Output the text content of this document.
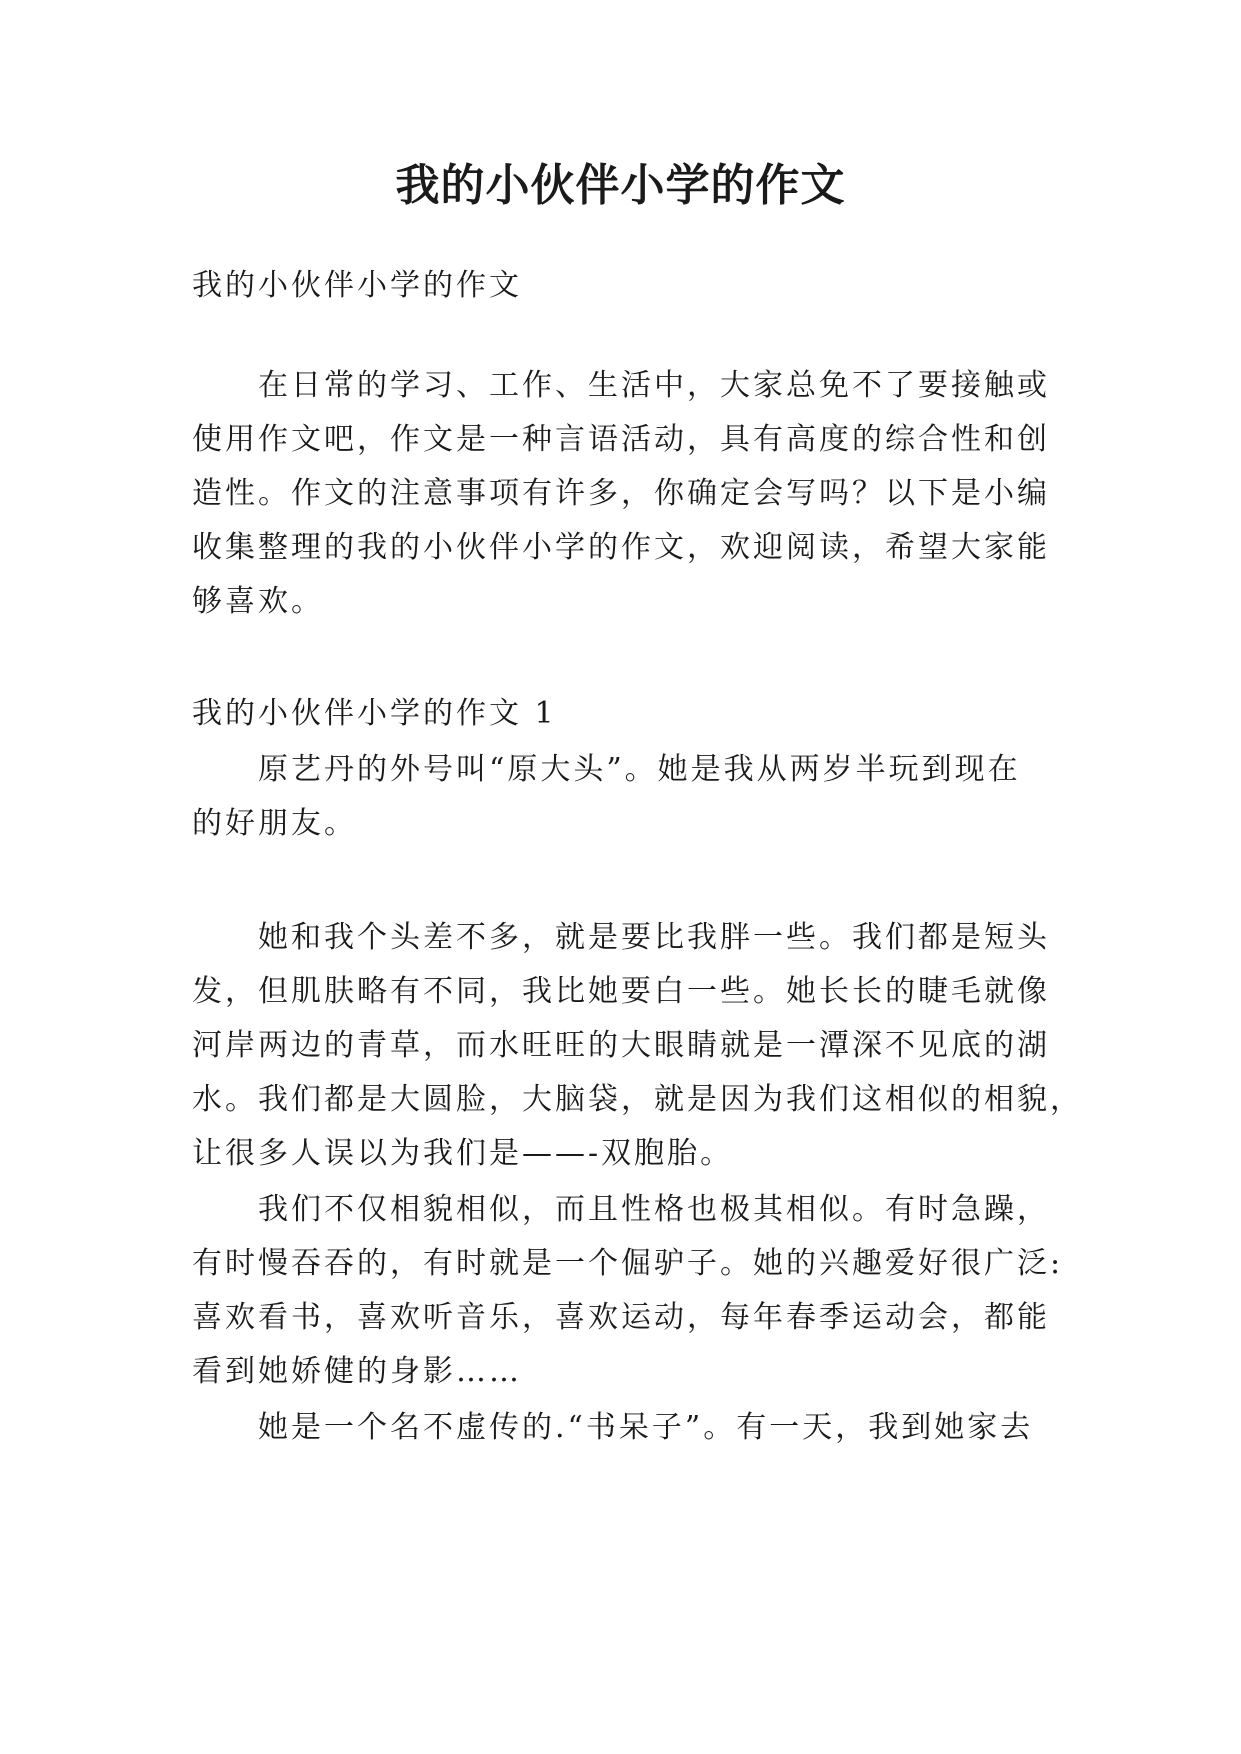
我的小伙伴小学的作文

我的小伙伴小学的作文

在日常的学习、工作、生活中，大家总免不了要接触或

使用作文吧，作文是一种言语活动，具有高度的综合性和创

造性。作文的注意事项有许多，你确定会写吗？以下是小编

收集整理的我的小伙伴小学的作文，欢迎阅读，希望大家能

够喜欢。

我的小伙伴小学的作文 1

原艺丹的外号叫“原大头”。她是我从两岁半玩到现在

的好朋友。

她和我个头差不多，就是要比我胖一些。我们都是短头

发，但肌肤略有不同，我比她要白一些。她长长的睫毛就像

河岸两边的青草，而水旺旺的大眼睛就是一潭深不见底的湖

水。我们都是大圆脸，大脑袋，就是因为我们这相似的相貌，

让很多人误以为我们是——-双胞胎。

我们不仅相貌相似，而且性格也极其相似。有时急躁，

有时慢吞吞的，有时就是一个倔驴子。她的兴趣爱好很广泛:

喜欢看书，喜欢听音乐，喜欢运动，每年春季运动会，都能

看到她娇健的身影……

她是一个名不虚传的.“书呆子”。有一天，我到她家去
